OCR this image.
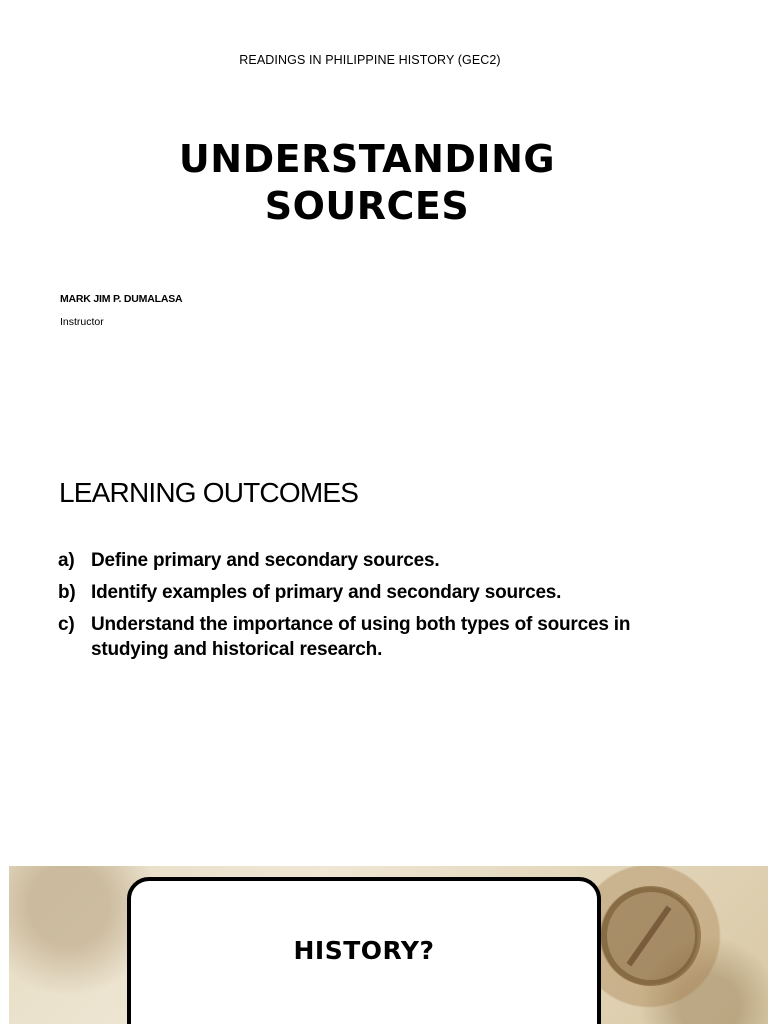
READINGS IN PHILIPPINE HISTORY (GEC2)
UNDERSTANDING
SOURCES
MARK JIM P. DUMALASA
Instructor
LEARNING OUTCOMES
a) Define primary and secondary sources.
b) Identify examples of primary and secondary sources.
c) Understand the importance of using both types of sources in studying and historical research.
HISTORY?
